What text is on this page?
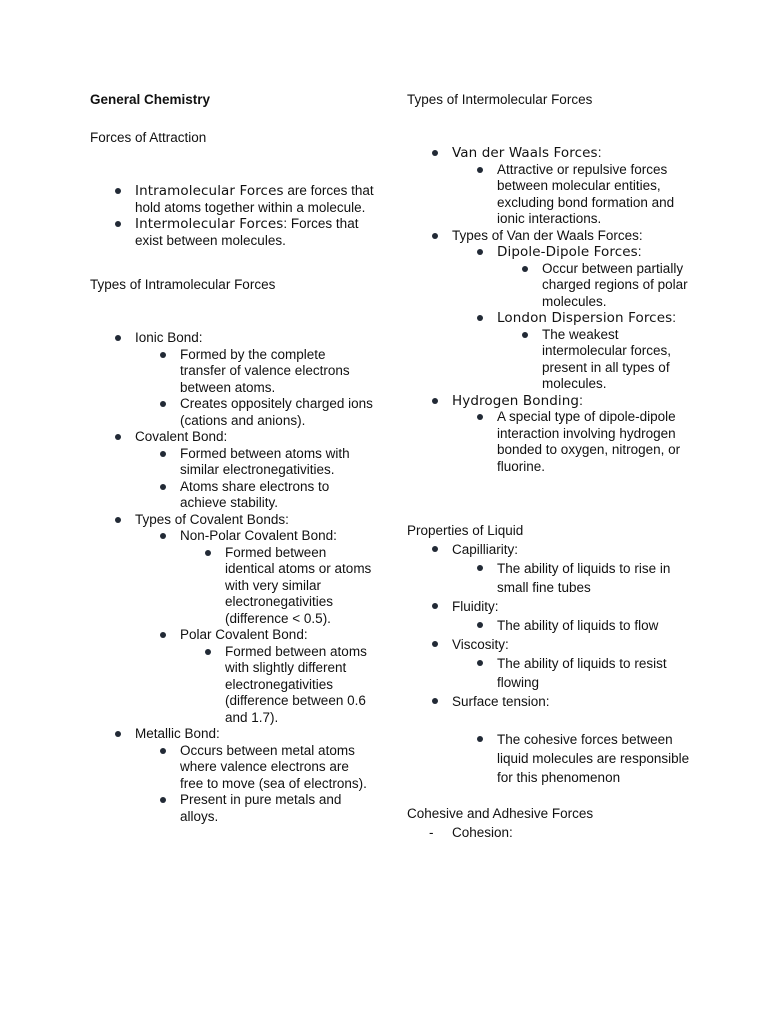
General Chemistry

Forces of Attraction

Intramolecular Forces are forces that hold atoms together within a molecule.
Intermolecular Forces: Forces that exist between molecules.

Types of Intramolecular Forces

Ionic Bond:
Formed by the complete transfer of valence electrons between atoms.
Creates oppositely charged ions (cations and anions).
Covalent Bond:
Formed between atoms with similar electronegativities.
Atoms share electrons to achieve stability.
Types of Covalent Bonds:
Non-Polar Covalent Bond:
Formed between identical atoms or atoms with very similar electronegativities (difference < 0.5).
Polar Covalent Bond:
Formed between atoms with slightly different electronegativities (difference between 0.6 and 1.7).
Metallic Bond:
Occurs between metal atoms where valence electrons are free to move (sea of electrons).
Present in pure metals and alloys.

Types of Intermolecular Forces

Van der Waals Forces:
Attractive or repulsive forces between molecular entities, excluding bond formation and ionic interactions.
Types of Van der Waals Forces:
Dipole-Dipole Forces:
Occur between partially charged regions of polar molecules.
London Dispersion Forces:
The weakest intermolecular forces, present in all types of molecules.
Hydrogen Bonding:
A special type of dipole-dipole interaction involving hydrogen bonded to oxygen, nitrogen, or fluorine.

Properties of Liquid

Capilliarity:
The ability of liquids to rise in small fine tubes
Fluidity:
The ability of liquids to flow
Viscosity:
The ability of liquids to resist flowing
Surface tension:
The cohesive forces between liquid molecules are responsible for this phenomenon

Cohesive and Adhesive Forces

- Cohesion:
